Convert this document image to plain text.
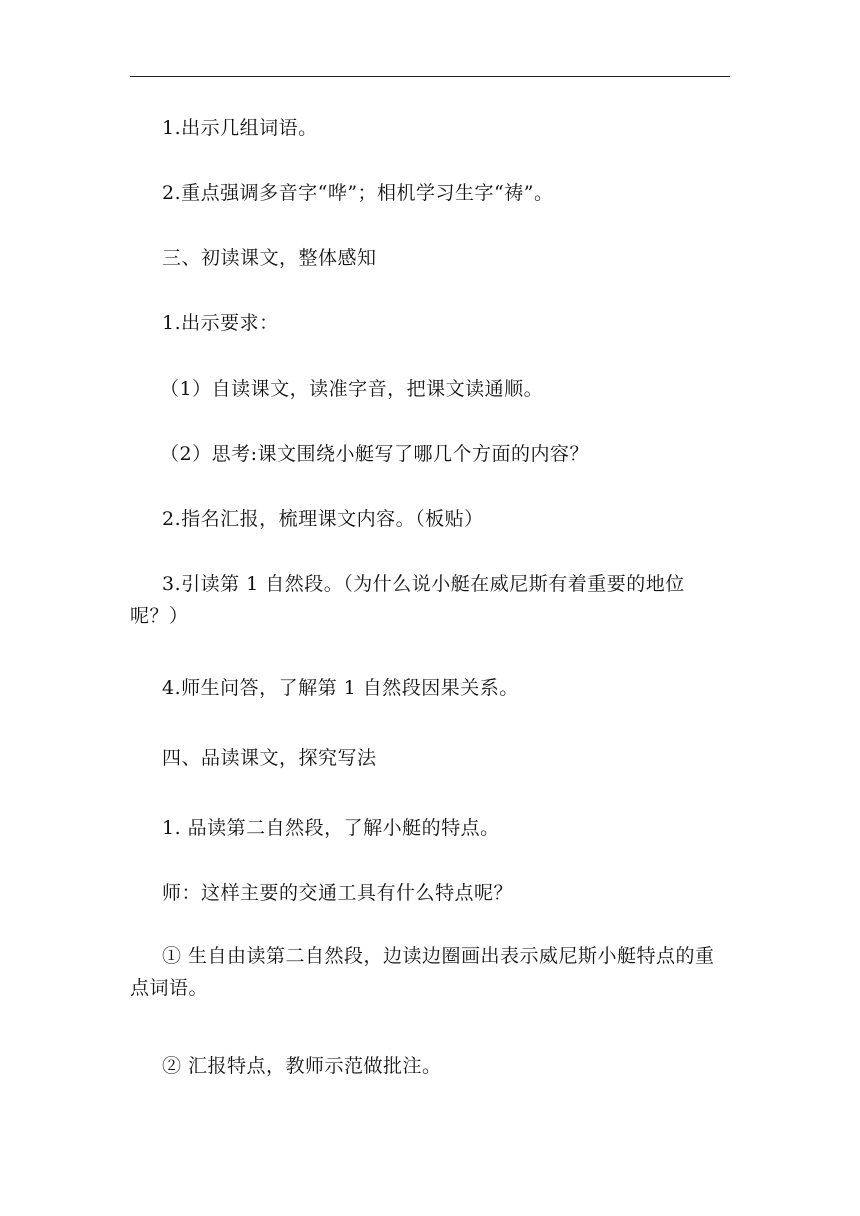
1.出示几组词语。

2.重点强调多音字“哗”；相机学习生字“祷”。

三、初读课文，整体感知

1.出示要求：

（1）自读课文，读准字音，把课文读通顺。

（2）思考:课文围绕小艇写了哪几个方面的内容？

2.指名汇报，梳理课文内容。（板贴）

3.引读第 1 自然段。（为什么说小艇在威尼斯有着重要的地位呢？）

4.师生问答，了解第 1 自然段因果关系。

四、品读课文，探究写法

1. 品读第二自然段，了解小艇的特点。

师：这样主要的交通工具有什么特点呢？

① 生自由读第二自然段，边读边圈画出表示威尼斯小艇特点的重点词语。

② 汇报特点，教师示范做批注。
